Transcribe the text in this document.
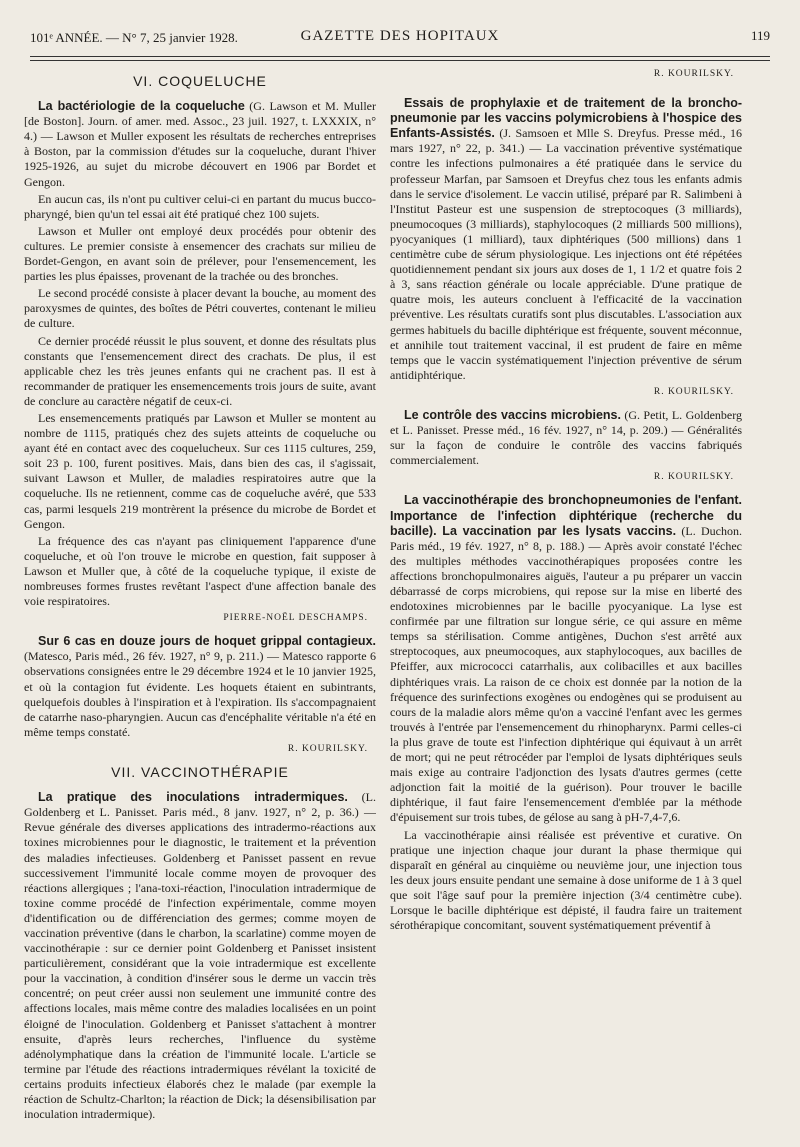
101ᵉ ANNÉE. — N° 7, 25 janvier 1928.	GAZETTE DES HOPITAUX	119
VI. COQUELUCHE

La bactériologie de la coqueluche (G. Lawson et M. Muller [de Boston]. Journ. of amer. med. Assoc., 23 juil. 1927, t. LXXXIX, n° 4.) — Lawson et Muller exposent les résultats de recherches entreprises à Boston, par la commission d'études sur la coqueluche, durant l'hiver 1925-1926, au sujet du microbe découvert en 1906 par Bordet et Gengon.

En aucun cas, ils n'ont pu cultiver celui-ci en partant du mucus bucco-pharyngé, bien qu'un tel essai ait été pratiqué chez 100 sujets.

Lawson et Muller ont employé deux procédés pour obtenir des cultures. Le premier consiste à ensemencer des crachats sur milieu de Bordet-Gengon, en avant soin de prélever, pour l'ensemencement, les parties les plus épaisses, provenant de la trachée ou des bronches.

Le second procédé consiste à placer devant la bouche, au moment des paroxysmes de quintes, des boîtes de Pétri couvertes, contenant le milieu de culture.

Ce dernier procédé réussit le plus souvent, et donne des résultats plus constants que l'ensemencement direct des crachats. De plus, il est applicable chez les très jeunes enfants qui ne crachent pas. Il est à recommander de pratiquer les ensemencements trois jours de suite, avant de conclure au caractère négatif de ceux-ci.

Les ensemencements pratiqués par Lawson et Muller se montent au nombre de 1115, pratiqués chez des sujets atteints de coqueluche ou ayant été en contact avec des coquelucheux. Sur ces 1115 cultures, 259, soit 23 p. 100, furent positives. Mais, dans bien des cas, il s'agissait, suivant Lawson et Muller, de maladies respiratoires autre que la coqueluche. Ils ne retiennent, comme cas de coqueluche avéré, que 533 cas, parmi lesquels 219 montrèrent la présence du microbe de Bordet et Gengon.

La fréquence des cas n'ayant pas cliniquement l'apparence d'une coqueluche, et où l'on trouve le microbe en question, fait supposer à Lawson et Muller que, à côté de la coqueluche typique, il existe de nombreuses formes frustes revêtant l'aspect d'une affection banale des voie respiratoires.

PIERRE-NOËL DESCHAMPS.

Sur 6 cas en douze jours de hoquet grippal contagieux. (Matesco, Paris méd., 26 fév. 1927, n° 9, p. 211.) — Matesco rapporte 6 observations consignées entre le 29 décembre 1924 et le 10 janvier 1925, et où la contagion fut évidente. Les hoquets étaient en subintrants, quelquefois doubles à l'inspiration et à l'expiration. Ils s'accompagnaient de catarrhe naso-pharyngien. Aucun cas d'encéphalite véritable n'a été en même temps constaté.

R. KOURILSKY.
VII. VACCINOTHÉRAPIE

La pratique des inoculations intradermiques. (L. Goldenberg et L. Panisset. Paris méd., 8 janv. 1927, n° 2, p. 36.) — Revue générale des diverses applications des intradermo-réactions aux toxines microbiennes pour le diagnostic, le traitement et la prévention des maladies infectieuses. Goldenberg et Panisset passent en revue successivement l'immunité locale comme moyen de provoquer des réactions allergiques ; l'ana-toxi-réaction, l'inoculation intradermique de toxine comme procédé de l'infection expérimentale, comme moyen d'identification ou de différenciation des germes; comme moyen de vaccination préventive (dans le charbon, la scarlatine) comme moyen de vaccinothérapie : sur ce dernier point Goldenberg et Panisset insistent particulièrement, considérant que la voie intradermique est excellente pour la vaccination, à condition d'insérer sous le derme un vaccin très concentré; on peut créer aussi non seulement une immunité contre des affections locales, mais même contre des maladies localisées en un point éloigné de l'inoculation. Goldenberg et Panisset s'attachent à montrer ensuite, d'après leurs recherches, l'influence du système adénolymphatique dans la création de l'immunité locale. L'article se termine par l'étude des réactions intradermiques révélant la toxicité de certains produits infectieux élaborés chez le malade (par exemple la réaction de Schultz-Charlton; la réaction de Dick; la désensibilisation par inoculation intradermique).

R. KOURILSKY.

Essais de prophylaxie et de traitement de la broncho-pneumonie par les vaccins polymicrobiens à l'hospice des Enfants-Assistés. (J. Samsoen et Mlle S. Dreyfus. Presse méd., 16 mars 1927, n° 22, p. 341.) — La vaccination préventive systématique contre les infections pulmonaires a été pratiquée dans le service du professeur Marfan, par Samsoen et Dreyfus chez tous les enfants admis dans le service d'isolement. Le vaccin utilisé, préparé par R. Salimbeni à l'Institut Pasteur est une suspension de streptocoques (3 milliards), pneumocoques (3 milliards), staphylocoques (2 milliards 500 millions), pyocyaniques (1 milliard), taux diphtériques (500 millions) dans 1 centimètre cube de sérum physiologique. Les injections ont été répétées quotidiennement pendant six jours aux doses de 1, 1 1/2 et quatre fois 2 à 3, sans réaction générale ou locale appréciable. D'une pratique de quatre mois, les auteurs concluent à l'efficacité de la vaccination préventive. Les résultats curatifs sont plus discutables. L'association aux germes habituels du bacille diphtérique est fréquente, souvent méconnue, et annihile tout traitement vaccinal, il est prudent de faire en même temps que le vaccin systématiquement l'injection préventive de sérum antidiphtérique.

R. KOURILSKY.

Le contrôle des vaccins microbiens. (G. Petit, L. Goldenberg et L. Panisset. Presse méd., 16 fév. 1927, n° 14, p. 209.) — Généralités sur la façon de conduire le contrôle des vaccins fabriqués commercialement.

R. KOURILSKY.

La vaccinothérapie des bronchopneumonies de l'enfant. Importance de l'infection diphtérique (recherche du bacille). La vaccination par les lysats vaccins. (L. Duchon. Paris méd., 19 fév. 1927, n° 8, p. 188.) — Après avoir constaté l'échec des multiples méthodes vaccinothérapiques proposées contre les affections bronchopulmonaires aiguës, l'auteur a pu préparer un vaccin débarrassé de corps microbiens, qui repose sur la mise en liberté des endotoxines microbiennes par le bacille pyocyanique. La lyse est confirmée par une filtration sur longue série, ce qui assure en même temps sa stérilisation. Comme antigènes, Duchon s'est arrêté aux streptocoques, aux pneumocoques, aux staphylocoques, aux bacilles de Pfeiffer, aux micrococci catarrhalis, aux colibacilles et aux bacilles diphtériques vrais. La raison de ce choix est donnée par la notion de la fréquence des surinfections exogènes ou endogènes qui se produisent au cours de la maladie alors même qu'on a vacciné l'enfant avec les germes trouvés à l'entrée par l'ensemencement du rhinopharynx. Parmi celles-ci la plus grave de toute est l'infection diphtérique qui équivaut à un arrêt de mort; qui ne peut rétrocéder par l'emploi de lysats diphtériques seuls mais exige au contraire l'adjonction des lysats d'autres germes (cette adjonction fait la moitié de la guérison). Pour trouver le bacille diphtérique, il faut faire l'ensemencement d'emblée par la méthode d'épuisement sur trois tubes, de gélose au sang à pH-7,4-7,6.

La vaccinothérapie ainsi réalisée est préventive et curative. On pratique une injection chaque jour durant la phase thermique qui disparaît en général au cinquième ou neuvième jour, une injection tous les deux jours ensuite pendant une semaine à dose uniforme de 1 à 3 quel que soit l'âge sauf pour la première injection (3/4 centimètre cube). Lorsque le bacille diphtérique est dépisté, il faudra faire un traitement sérothérapique concomitant, souvent systématiquement préventif à
